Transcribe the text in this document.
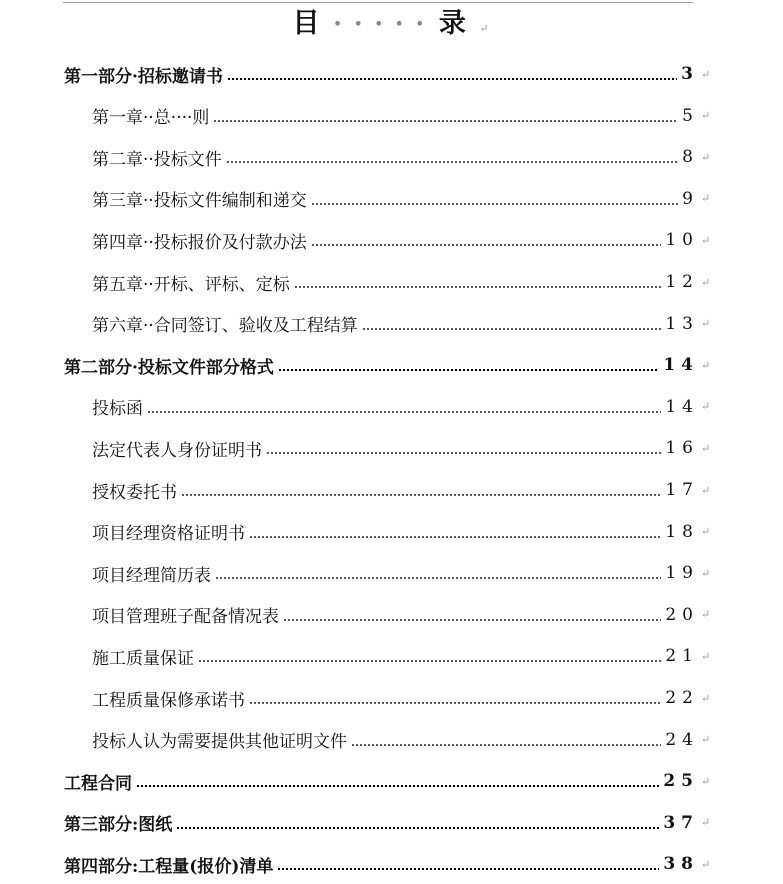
目 • • • • • 录 ↵
第一部分·招标邀请书	3 ↵
第一章··总····则	5 ↵
第二章··投标文件	8 ↵
第三章··投标文件编制和递交	9 ↵
第四章··投标报价及付款办法	10 ↵
第五章··开标、评标、定标	12 ↵
第六章··合同签订、验收及工程结算	13 ↵
第二部分·投标文件部分格式	14 ↵
投标函	14 ↵
法定代表人身份证明书	16 ↵
授权委托书	17 ↵
项目经理资格证明书	18 ↵
项目经理简历表	19 ↵
项目管理班子配备情况表	20 ↵
施工质量保证	21 ↵
工程质量保修承诺书	22 ↵
投标人认为需要提供其他证明文件	24 ↵
工程合同	25 ↵
第三部分:图纸	37 ↵
第四部分:工程量(报价)清单	38 ↵
